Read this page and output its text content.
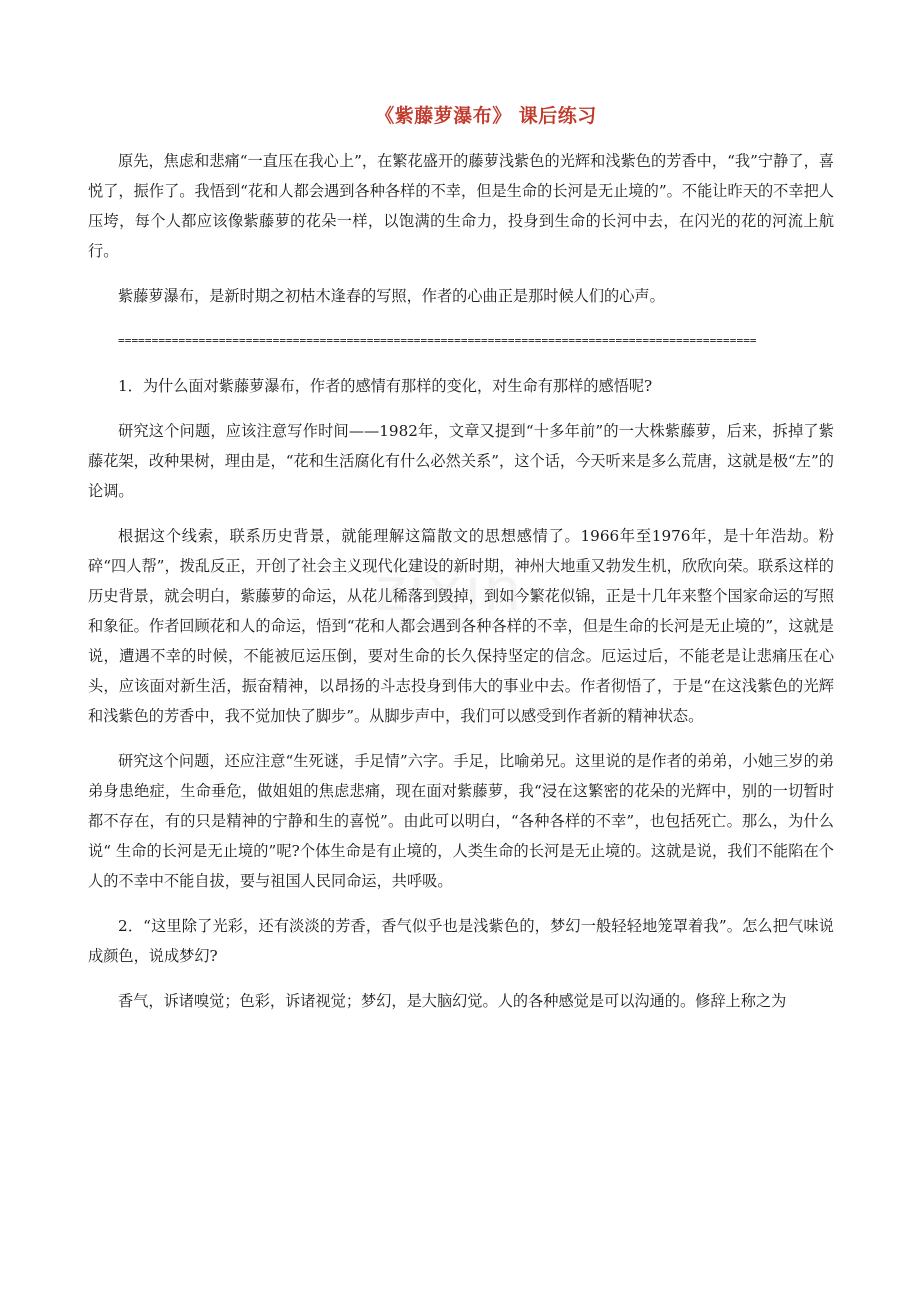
《紫藤萝瀑布》 课后练习
zixin

原先，焦虑和悲痛“一直压在我心上”，在繁花盛开的藤萝浅紫色的光辉和浅紫色的芳香中，“我”宁静了，喜悦了，振作了。我悟到“花和人都会遇到各种各样的不幸，但是生命的长河是无止境的”。不能让昨天的不幸把人压垮，每个人都应该像紫藤萝的花朵一样，以饱满的生命力，投身到生命的长河中去，在闪光的花的河流上航行。

紫藤萝瀑布，是新时期之初枯木逢春的写照，作者的心曲正是那时候人们的心声。

===============================================================================================

1．为什么面对紫藤萝瀑布，作者的感情有那样的变化，对生命有那样的感悟呢?

研究这个问题，应该注意写作时间——1982年，文章又提到“十多年前”的一大株紫藤萝，后来，拆掉了紫藤花架，改种果树，理由是，“花和生活腐化有什么必然关系”，这个话，今天听来是多么荒唐，这就是极“左”的论调。

根据这个线索，联系历史背景，就能理解这篇散文的思想感情了。1966年至1976年，是十年浩劫。粉碎“四人帮”，拨乱反正，开创了社会主义现代化建设的新时期，神州大地重又勃发生机，欣欣向荣。联系这样的历史背景，就会明白，紫藤萝的命运，从花儿稀落到毁掉，到如今繁花似锦，正是十几年来整个国家命运的写照和象征。作者回顾花和人的命运，悟到“花和人都会遇到各种各样的不幸，但是生命的长河是无止境的”，这就是说，遭遇不幸的时候，不能被厄运压倒，要对生命的长久保持坚定的信念。厄运过后，不能老是让悲痛压在心头，应该面对新生活，振奋精神，以昂扬的斗志投身到伟大的事业中去。作者彻悟了，于是“在这浅紫色的光辉和浅紫色的芳香中，我不觉加快了脚步”。从脚步声中，我们可以感受到作者新的精神状态。

研究这个问题，还应注意“生死谜，手足情”六字。手足，比喻弟兄。这里说的是作者的弟弟，小她三岁的弟弟身患绝症，生命垂危，做姐姐的焦虑悲痛，现在面对紫藤萝，我“浸在这繁密的花朵的光辉中，别的一切暂时都不存在，有的只是精神的宁静和生的喜悦”。由此可以明白，“各种各样的不幸”，也包括死亡。那么，为什么说“ 生命的长河是无止境的”呢?个体生命是有止境的，人类生命的长河是无止境的。这就是说，我们不能陷在个人的不幸中不能自拔，要与祖国人民同命运，共呼吸。

2．“这里除了光彩，还有淡淡的芳香，香气似乎也是浅紫色的，梦幻一般轻轻地笼罩着我”。怎么把气味说成颜色，说成梦幻?

香气，诉诸嗅觉；色彩，诉诸视觉；梦幻，是大脑幻觉。人的各种感觉是可以沟通的。修辞上称之为
